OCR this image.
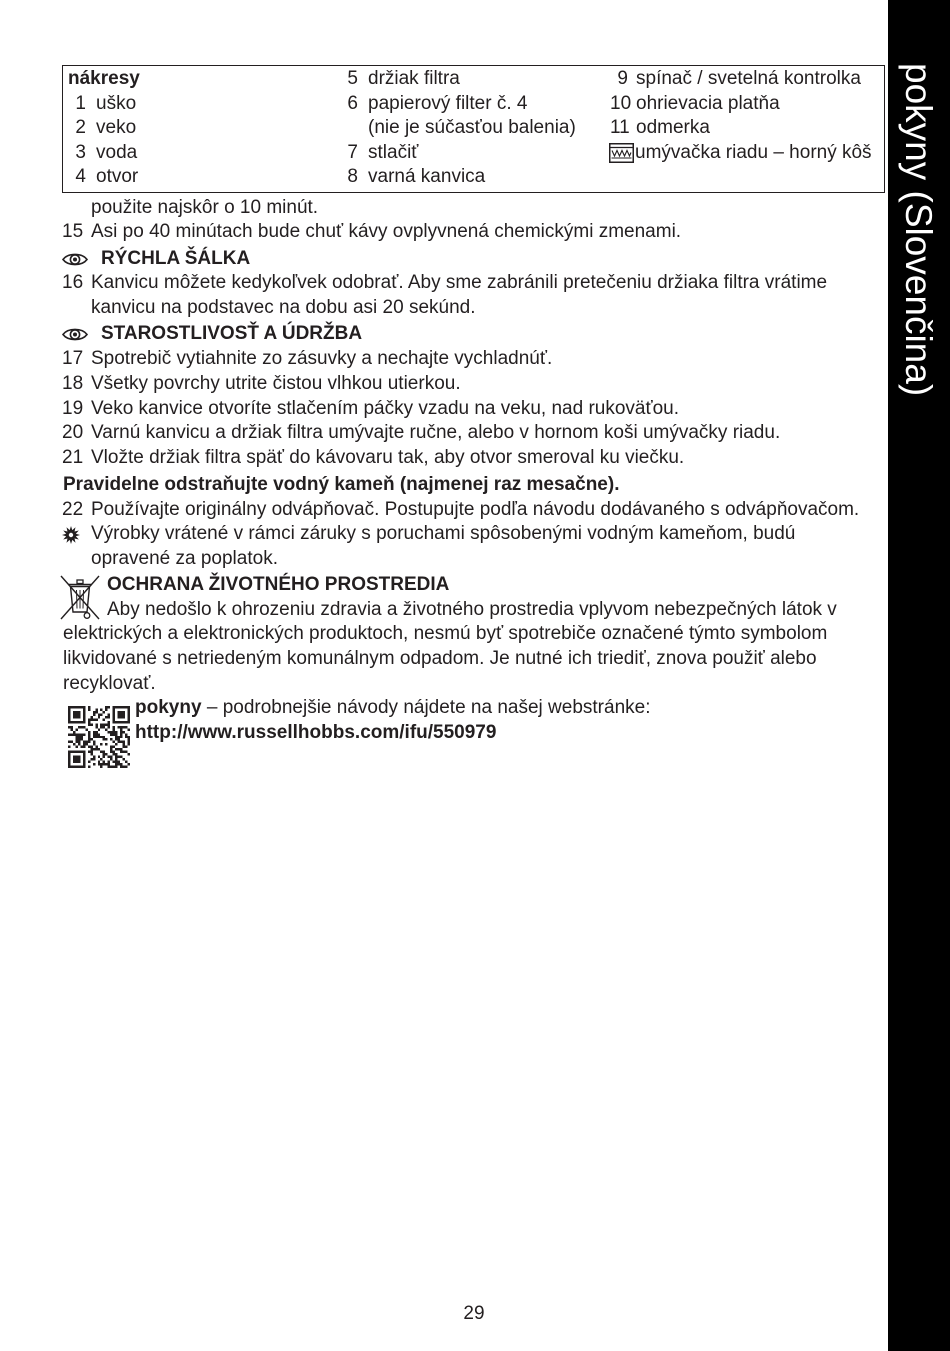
pokyny (Slovenčina)
nákresy
1 uško
2 veko
3 voda
4 otvor
5 držiak filtra
6 papierový filter č. 4
(nie je súčasťou balenia)
7 stlačiť
8 varná kanvica
9 spínač / svetelná kontrolka
10 ohrievacia platňa
11 odmerka
umývačka riadu – horný kôš
použite najskôr o 10 minút.
15 Asi po 40 minútach bude chuť kávy ovplyvnená chemickými zmenami.
RÝCHLA ŠÁLKA
16 Kanvicu môžete kedykoľvek odobrať. Aby sme zabránili pretečeniu držiaka filtra vrátime
kanvicu na podstavec na dobu asi 20 sekúnd.
STAROSTLIVOSŤ A ÚDRŽBA
17 Spotrebič vytiahnite zo zásuvky a nechajte vychladnúť.
18 Všetky povrchy utrite čistou vlhkou utierkou.
19 Veko kanvice otvoríte stlačením páčky vzadu na veku, nad rukoväťou.
20 Varnú kanvicu a držiak filtra umývajte ručne, alebo v hornom koši umývačky riadu.
21 Vložte držiak filtra späť do kávovaru tak, aby otvor smeroval ku viečku.
Pravidelne odstraňujte vodný kameň (najmenej raz mesačne).
22 Používajte originálny odvápňovač. Postupujte podľa návodu dodávaného s odvápňovačom.
Výrobky vrátené v rámci záruky s poruchami spôsobenými vodným kameňom, budú
opravené za poplatok.
OCHRANA ŽIVOTNÉHO PROSTREDIA
Aby nedošlo k ohrozeniu zdravia a životného prostredia vplyvom nebezpečných látok v
elektrických a elektronických produktoch, nesmú byť spotrebiče označené týmto symbolom
likvidované s netriedeným komunálnym odpadom. Je nutné ich triediť, znova použiť alebo
recyklovať.
pokyny – podrobnejšie návody nájdete na našej webstránke:
http://www.russellhobbs.com/ifu/550979
29
